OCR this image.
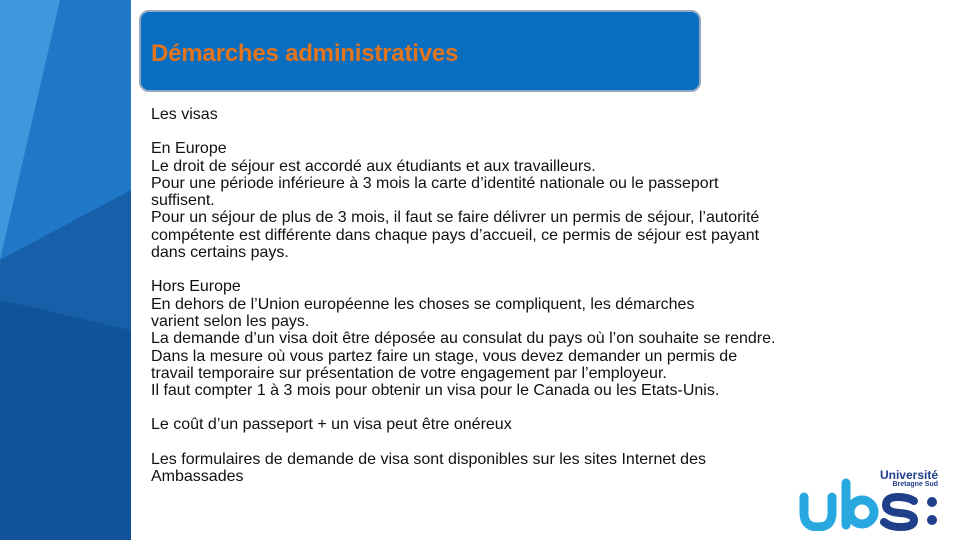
Démarches administratives

Les visas

En Europe

Le droit de séjour est accordé aux étudiants et aux travailleurs.

Pour une période inférieure à 3 mois la carte d’identité nationale ou le passeport

suffisent.

Pour un séjour de plus de 3 mois, il faut se faire délivrer un permis de séjour, l’autorité

compétente est différente dans chaque pays d’accueil, ce permis de séjour est payant

dans certains pays.

Hors Europe

En dehors de l’Union européenne les choses se compliquent, les démarches

varient selon les pays.

La demande d’un visa doit être déposée au consulat du pays où l’on souhaite se rendre.

Dans la mesure où vous partez faire un stage, vous devez demander un permis de

travail temporaire sur présentation de votre engagement par l’employeur.

Il faut compter 1 à 3 mois pour obtenir un visa pour le Canada ou les Etats-Unis.

Le coût d’un passeport + un visa peut être onéreux

Les formulaires de demande de visa sont disponibles sur les sites Internet des

Ambassades	Université
Bretagne Sud
